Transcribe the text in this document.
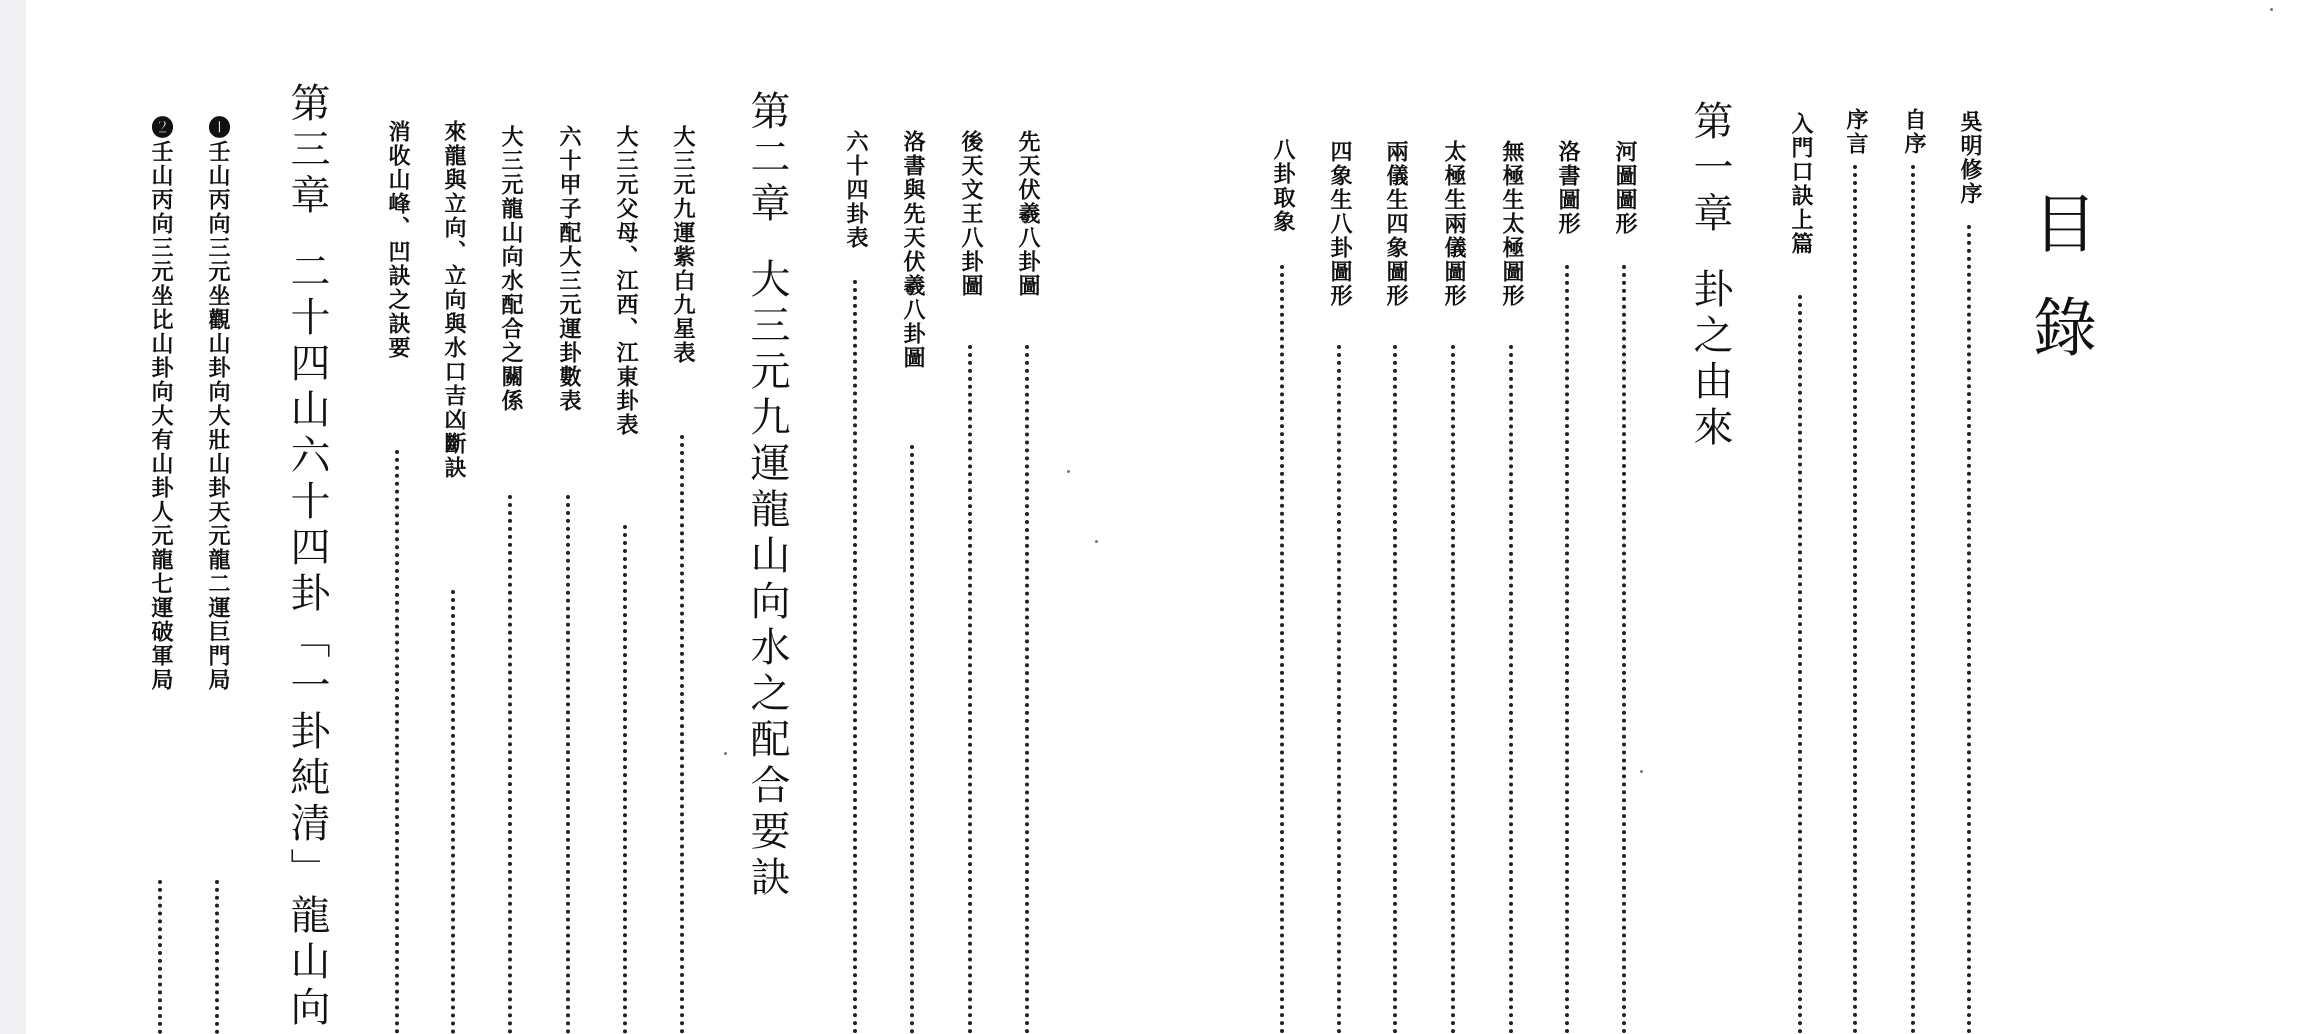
目錄
吳明修序
自序
序言
入門口訣上篇
第一章卦之由來
河圖圖形
洛書圖形
無極生太極圖形
太極生兩儀圖形
兩儀生四象圖形
四象生八卦圖形
八卦取象
先天伏羲八卦圖
後天文王八卦圖
洛書與先天伏羲八卦圖
六十四卦表
第二章大三元九運龍山向水之配合要訣
大三元九運紫白九星表
大三元父母、江西、江東卦表
六十甲子配大三元運卦數表
大三元龍山向水配合之關係
來龍與立向、立向與水口吉凶斷訣
消收山峰、凹訣之訣要
第三章二十四山六十四卦「一卦純清」龍山向
❶壬山丙向三元坐觀山卦向大壯山卦天元龍二運巨門局
❷壬山丙向三元坐比山卦向大有山卦人元龍七運破軍局
